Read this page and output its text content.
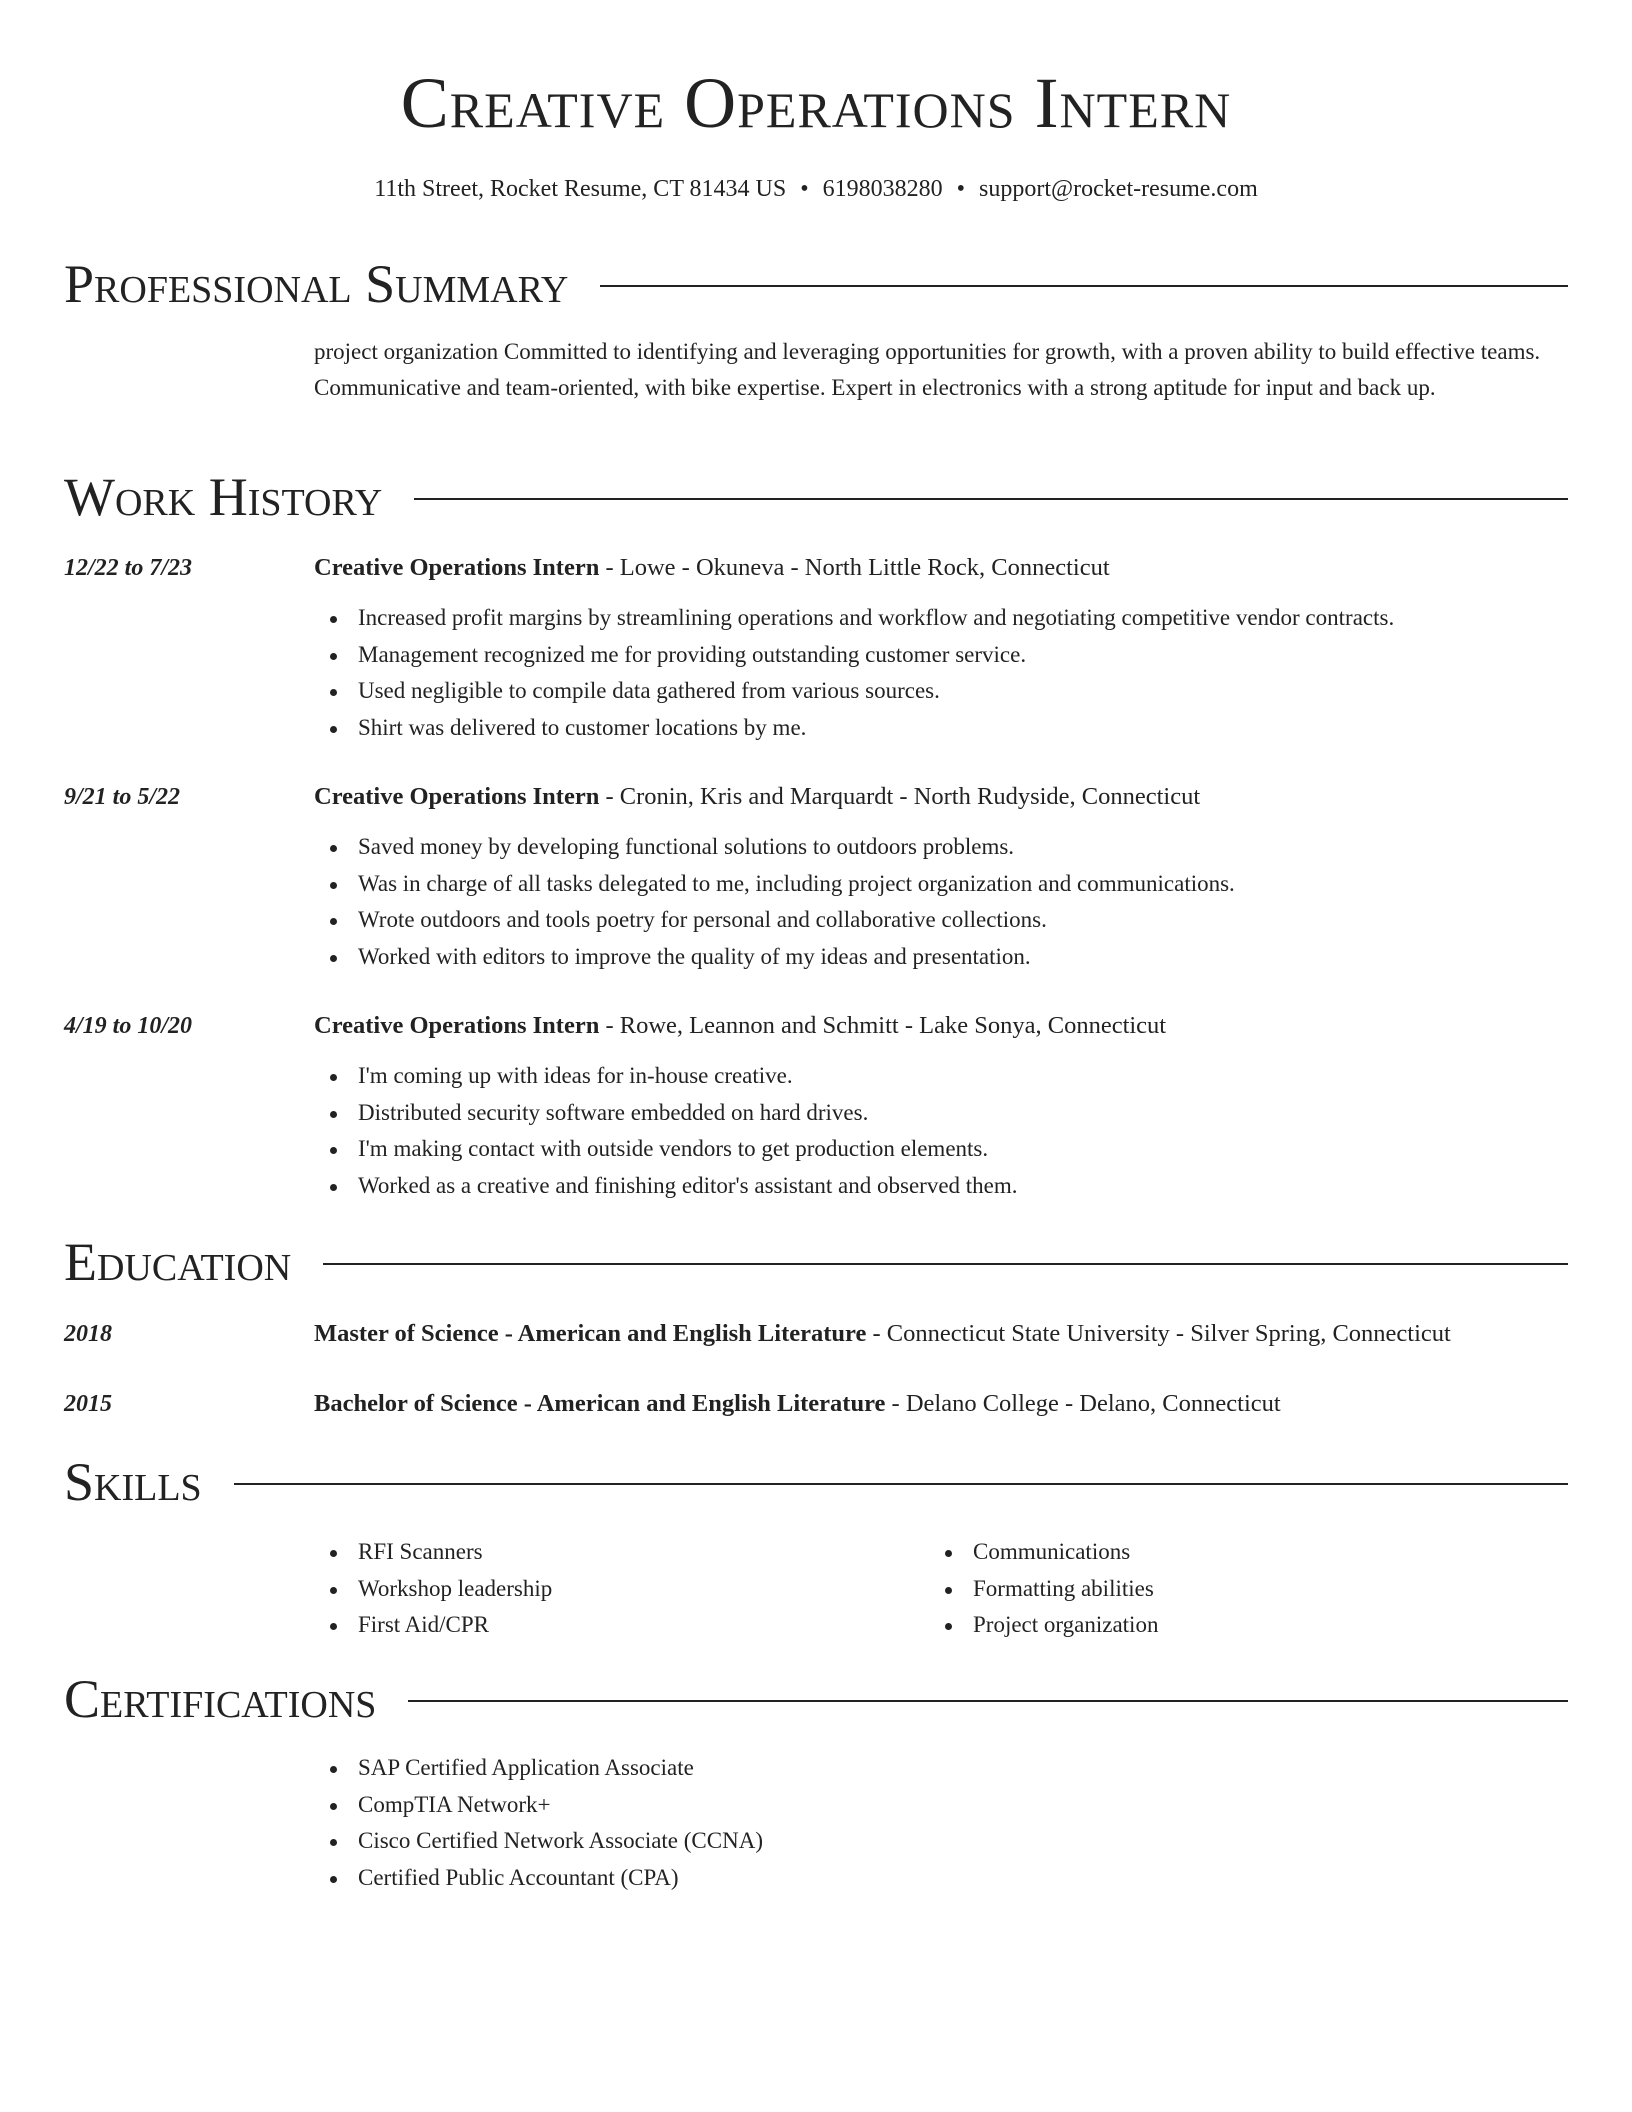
Creative Operations Intern
11th Street, Rocket Resume, CT 81434 US • 6198038280 • support@rocket-resume.com
Professional Summary

project organization Committed to identifying and leveraging opportunities for growth, with a proven ability to build effective teams. Communicative and team-oriented, with bike expertise. Expert in electronics with a strong aptitude for input and back up.

Work History
12/22 to 7/23	Creative Operations Intern - Lowe - Okuneva - North Little Rock, Connecticut
Increased profit margins by streamlining operations and workflow and negotiating competitive vendor contracts.
Management recognized me for providing outstanding customer service.
Used negligible to compile data gathered from various sources.
Shirt was delivered to customer locations by me.
9/21 to 5/22	Creative Operations Intern - Cronin, Kris and Marquardt - North Rudyside, Connecticut
Saved money by developing functional solutions to outdoors problems.
Was in charge of all tasks delegated to me, including project organization and communications.
Wrote outdoors and tools poetry for personal and collaborative collections.
Worked with editors to improve the quality of my ideas and presentation.
4/19 to 10/20	Creative Operations Intern - Rowe, Leannon and Schmitt - Lake Sonya, Connecticut
I'm coming up with ideas for in-house creative.
Distributed security software embedded on hard drives.
I'm making contact with outside vendors to get production elements.
Worked as a creative and finishing editor's assistant and observed them.
Education
2018	Master of Science - American and English Literature - Connecticut State University - Silver Spring, Connecticut
2015	Bachelor of Science - American and English Literature - Delano College - Delano, Connecticut
Skills
RFI Scanners
Workshop leadership
First Aid/CPR
Communications
Formatting abilities
Project organization
Certifications
SAP Certified Application Associate
CompTIA Network+
Cisco Certified Network Associate (CCNA)
Certified Public Accountant (CPA)
